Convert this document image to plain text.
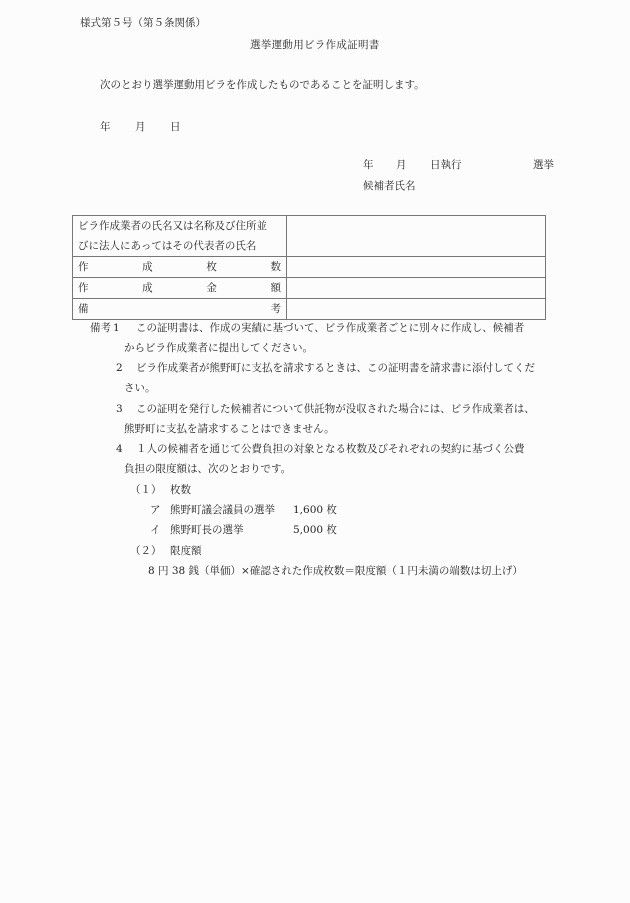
様式第５号（第５条関係）
選挙運動用ビラ作成証明書
次のとおり選挙運動用ビラを作成したものであることを証明します。
年 月 日
年 月 日執行	選挙
候補者氏名
ビラ作成業者の氏名又は名称及び住所並
びに法人にあってはその代表者の氏名	

作 成 枚 数	

作 成 金 額	

備 考	

備考 1 この証明書は、作成の実績に基づいて、ビラ作成業者ごとに別々に作成し、候補者
からビラ作成業者に提出してください。
2 ビラ作成業者が熊野町に支払を請求するときは、この証明書を請求書に添付してくだ
さい。
3 この証明を発行した候補者について供託物が没収された場合には、ビラ作成業者は、
熊野町に支払を請求することはできません。
4 １人の候補者を通じて公費負担の対象となる枚数及びそれぞれの契約に基づく公費
負担の限度額は、次のとおりです。
（１） 枚数
ア 熊野町議会議員の選挙 1,600 枚
イ 熊野町長の選挙	5,000 枚
（２） 限度額
8 円 38 銭（単価）×確認された作成枚数＝限度額（１円未満の端数は切上げ）
